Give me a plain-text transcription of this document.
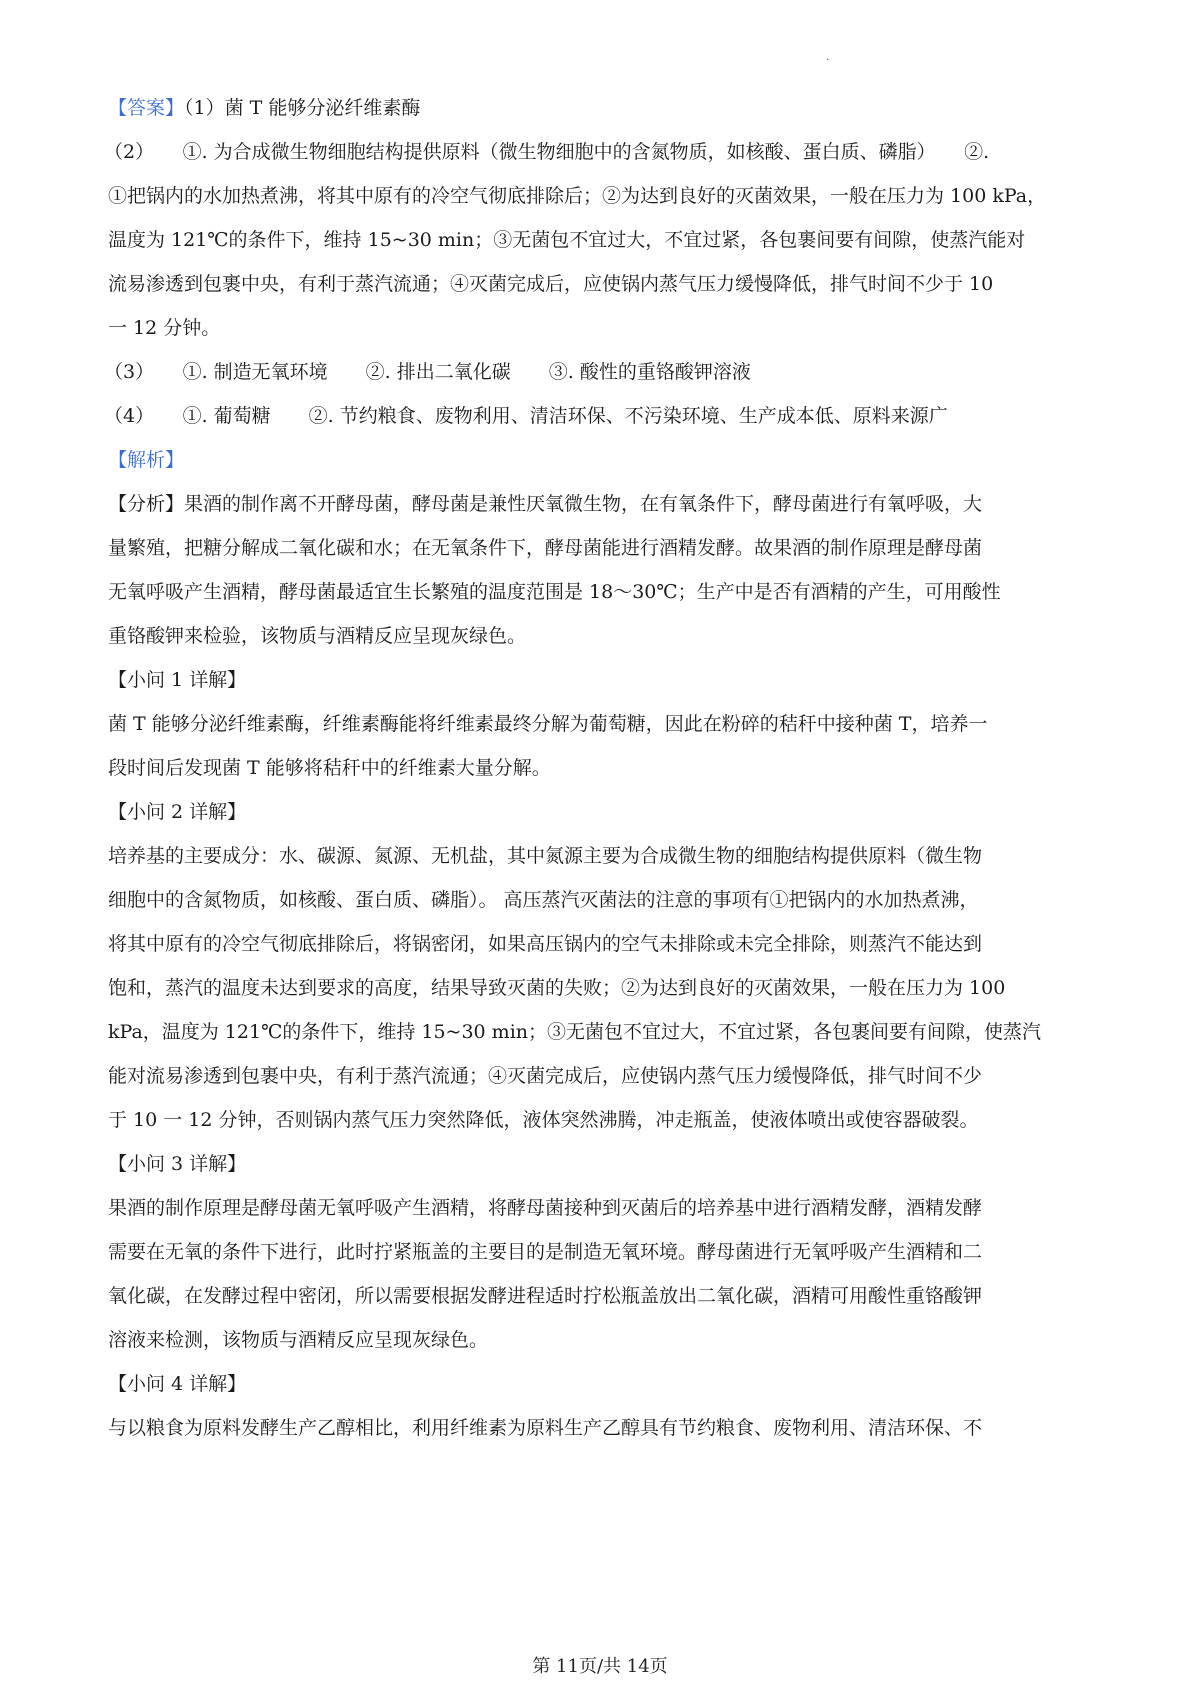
.

【答案】（1）菌 T 能够分泌纤维素酶

（2）　　①. 为合成微生物细胞结构提供原料（微生物细胞中的含氮物质，如核酸、蛋白质、磷脂）　　②.

①把锅内的水加热煮沸，将其中原有的冷空气彻底排除后；②为达到良好的灭菌效果，一般在压力为 100 kPa，

温度为 121℃的条件下，维持 15~30 min；③无菌包不宜过大，不宜过紧，各包裹间要有间隙，使蒸汽能对

流易渗透到包裹中央，有利于蒸汽流通；④灭菌完成后，应使锅内蒸气压力缓慢降低，排气时间不少于 10

一 12 分钟。

（3）　　①. 制造无氧环境　　②. 排出二氧化碳　　③. 酸性的重铬酸钾溶液

（4）　　①. 葡萄糖　　②. 节约粮食、废物利用、清洁环保、不污染环境、生产成本低、原料来源广

【解析】

【分析】果酒的制作离不开酵母菌，酵母菌是兼性厌氧微生物，在有氧条件下，酵母菌进行有氧呼吸，大

量繁殖，把糖分解成二氧化碳和水；在无氧条件下，酵母菌能进行酒精发酵。故果酒的制作原理是酵母菌

无氧呼吸产生酒精，酵母菌最适宜生长繁殖的温度范围是 18～30℃；生产中是否有酒精的产生，可用酸性

重铬酸钾来检验，该物质与酒精反应呈现灰绿色。

【小问 1 详解】

菌 T 能够分泌纤维素酶，纤维素酶能将纤维素最终分解为葡萄糖，因此在粉碎的秸秆中接种菌 T，培养一

段时间后发现菌 T 能够将秸秆中的纤维素大量分解。

【小问 2 详解】

培养基的主要成分：水、碳源、氮源、无机盐，其中氮源主要为合成微生物的细胞结构提供原料（微生物

细胞中的含氮物质，如核酸、蛋白质、磷脂）。 高压蒸汽灭菌法的注意的事项有①把锅内的水加热煮沸，

将其中原有的冷空气彻底排除后，将锅密闭，如果高压锅内的空气未排除或未完全排除，则蒸汽不能达到

饱和，蒸汽的温度未达到要求的高度，结果导致灭菌的失败；②为达到良好的灭菌效果，一般在压力为 100

kPa，温度为 121℃的条件下，维持 15~30 min；③无菌包不宜过大，不宜过紧，各包裹间要有间隙，使蒸汽

能对流易渗透到包裹中央，有利于蒸汽流通；④灭菌完成后，应使锅内蒸气压力缓慢降低，排气时间不少

于 10 一 12 分钟，否则锅内蒸气压力突然降低，液体突然沸腾，冲走瓶盖，使液体喷出或使容器破裂。

【小问 3 详解】

果酒的制作原理是酵母菌无氧呼吸产生酒精，将酵母菌接种到灭菌后的培养基中进行酒精发酵，酒精发酵

需要在无氧的条件下进行，此时拧紧瓶盖的主要目的是制造无氧环境。酵母菌进行无氧呼吸产生酒精和二

氧化碳，在发酵过程中密闭，所以需要根据发酵进程适时拧松瓶盖放出二氧化碳，酒精可用酸性重铬酸钾

溶液来检测，该物质与酒精反应呈现灰绿色。

【小问 4 详解】

与以粮食为原料发酵生产乙醇相比，利用纤维素为原料生产乙醇具有节约粮食、废物利用、清洁环保、不

第 11页/共 14页
